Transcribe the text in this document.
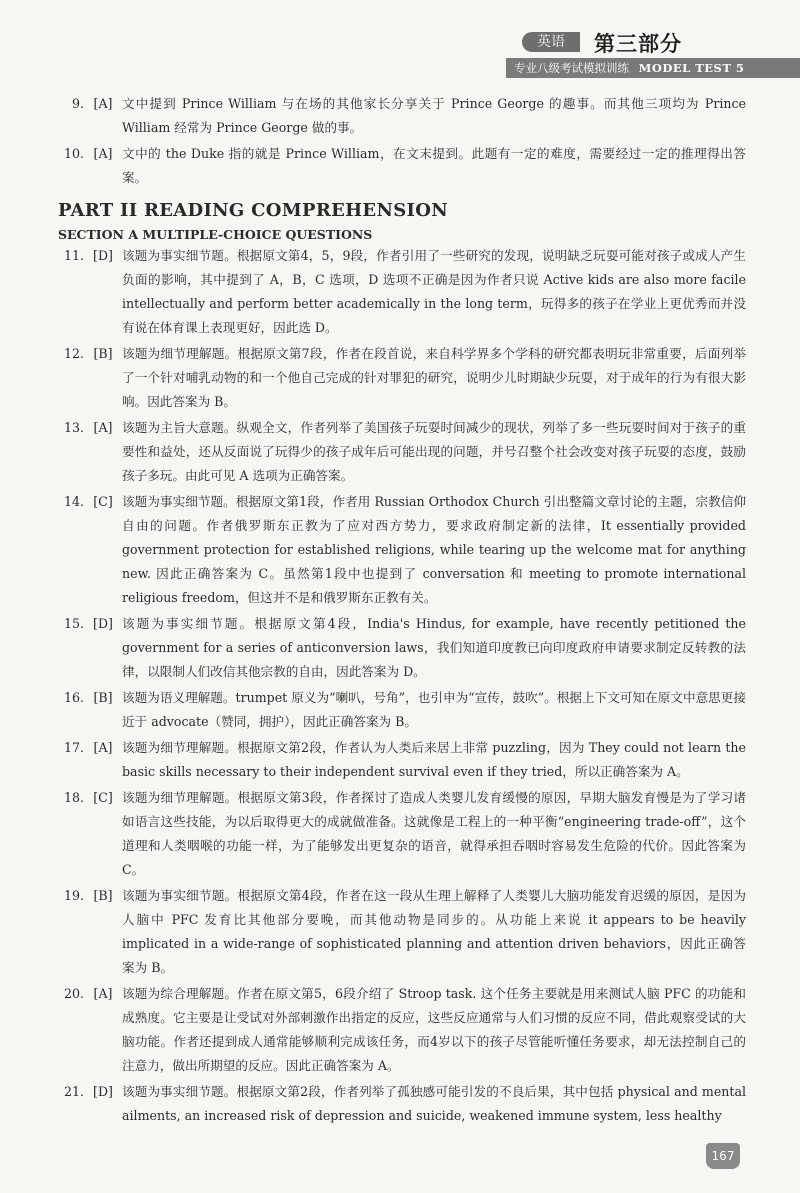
英语	第三部分
专业八级考试模拟训练 MODEL TEST 5
9. [A] 文中提到 Prince William 与在场的其他家长分享关于 Prince George 的趣事。而其他三项均为 Prince William 经常为 Prince George 做的事。
10. [A] 文中的 the Duke 指的就是 Prince William，在文末提到。此题有一定的难度，需要经过一定的推理得出答案。
PART II READING COMPREHENSION
SECTION A MULTIPLE-CHOICE QUESTIONS
11. [D] 该题为事实细节题。根据原文第4，5，9段，作者引用了一些研究的发现，说明缺乏玩耍可能对孩子或成人产生负面的影响，其中提到了 A，B，C 选项，D 选项不正确是因为作者只说 Active kids are also more facile intellectually and perform better academically in the long term，玩得多的孩子在学业上更优秀而并没有说在体育课上表现更好，因此选 D。
12. [B] 该题为细节理解题。根据原文第7段，作者在段首说，来自科学界多个学科的研究都表明玩非常重要，后面列举了一个针对哺乳动物的和一个他自己完成的针对罪犯的研究，说明少儿时期缺少玩耍，对于成年的行为有很大影响。因此答案为 B。
13. [A] 该题为主旨大意题。纵观全文，作者列举了美国孩子玩耍时间减少的现状，列举了多一些玩耍时间对于孩子的重要性和益处，还从反面说了玩得少的孩子成年后可能出现的问题，并号召整个社会改变对孩子玩耍的态度，鼓励孩子多玩。由此可见 A 选项为正确答案。
14. [C] 该题为事实细节题。根据原文第1段，作者用 Russian Orthodox Church 引出整篇文章讨论的主题，宗教信仰自由的问题。作者俄罗斯东正教为了应对西方势力，要求政府制定新的法律，It essentially provided government protection for established religions, while tearing up the welcome mat for anything new. 因此正确答案为 C。虽然第1段中也提到了 conversation 和 meeting to promote international religious freedom，但这并不是和俄罗斯东正教有关。
15. [D] 该题为事实细节题。根据原文第4段，India's Hindus, for example, have recently petitioned the government for a series of anticonversion laws，我们知道印度教已向印度政府申请要求制定反转教的法律，以限制人们改信其他宗教的自由，因此答案为 D。
16. [B] 该题为语义理解题。trumpet 原义为“喇叭，号角”，也引申为“宣传，鼓吹”。根据上下文可知在原文中意思更接近于 advocate（赞同，拥护），因此正确答案为 B。
17. [A] 该题为细节理解题。根据原文第2段，作者认为人类后来居上非常 puzzling，因为 They could not learn the basic skills necessary to their independent survival even if they tried，所以正确答案为 A。
18. [C] 该题为细节理解题。根据原文第3段，作者探讨了造成人类婴儿发育缓慢的原因，早期大脑发育慢是为了学习诸如语言这些技能，为以后取得更大的成就做准备。这就像是工程上的一种平衡“engineering trade-off”，这个道理和人类咽喉的功能一样，为了能够发出更复杂的语音，就得承担吞咽时容易发生危险的代价。因此答案为 C。
19. [B] 该题为事实细节题。根据原文第4段，作者在这一段从生理上解释了人类婴儿大脑功能发育迟缓的原因，是因为人脑中 PFC 发育比其他部分要晚，而其他动物是同步的。从功能上来说 it appears to be heavily implicated in a wide-range of sophisticated planning and attention driven behaviors，因此正确答案为 B。
20. [A] 该题为综合理解题。作者在原文第5，6段介绍了 Stroop task. 这个任务主要就是用来测试人脑 PFC 的功能和成熟度。它主要是让受试对外部刺激作出指定的反应，这些反应通常与人们习惯的反应不同，借此观察受试的大脑功能。作者还提到成人通常能够顺利完成该任务，而4岁以下的孩子尽管能听懂任务要求，却无法控制自己的注意力，做出所期望的反应。因此正确答案为 A。
21. [D] 该题为事实细节题。根据原文第2段，作者列举了孤独感可能引发的不良后果，其中包括 physical and mental ailments, an increased risk of depression and suicide, weakened immune system, less healthy
167
